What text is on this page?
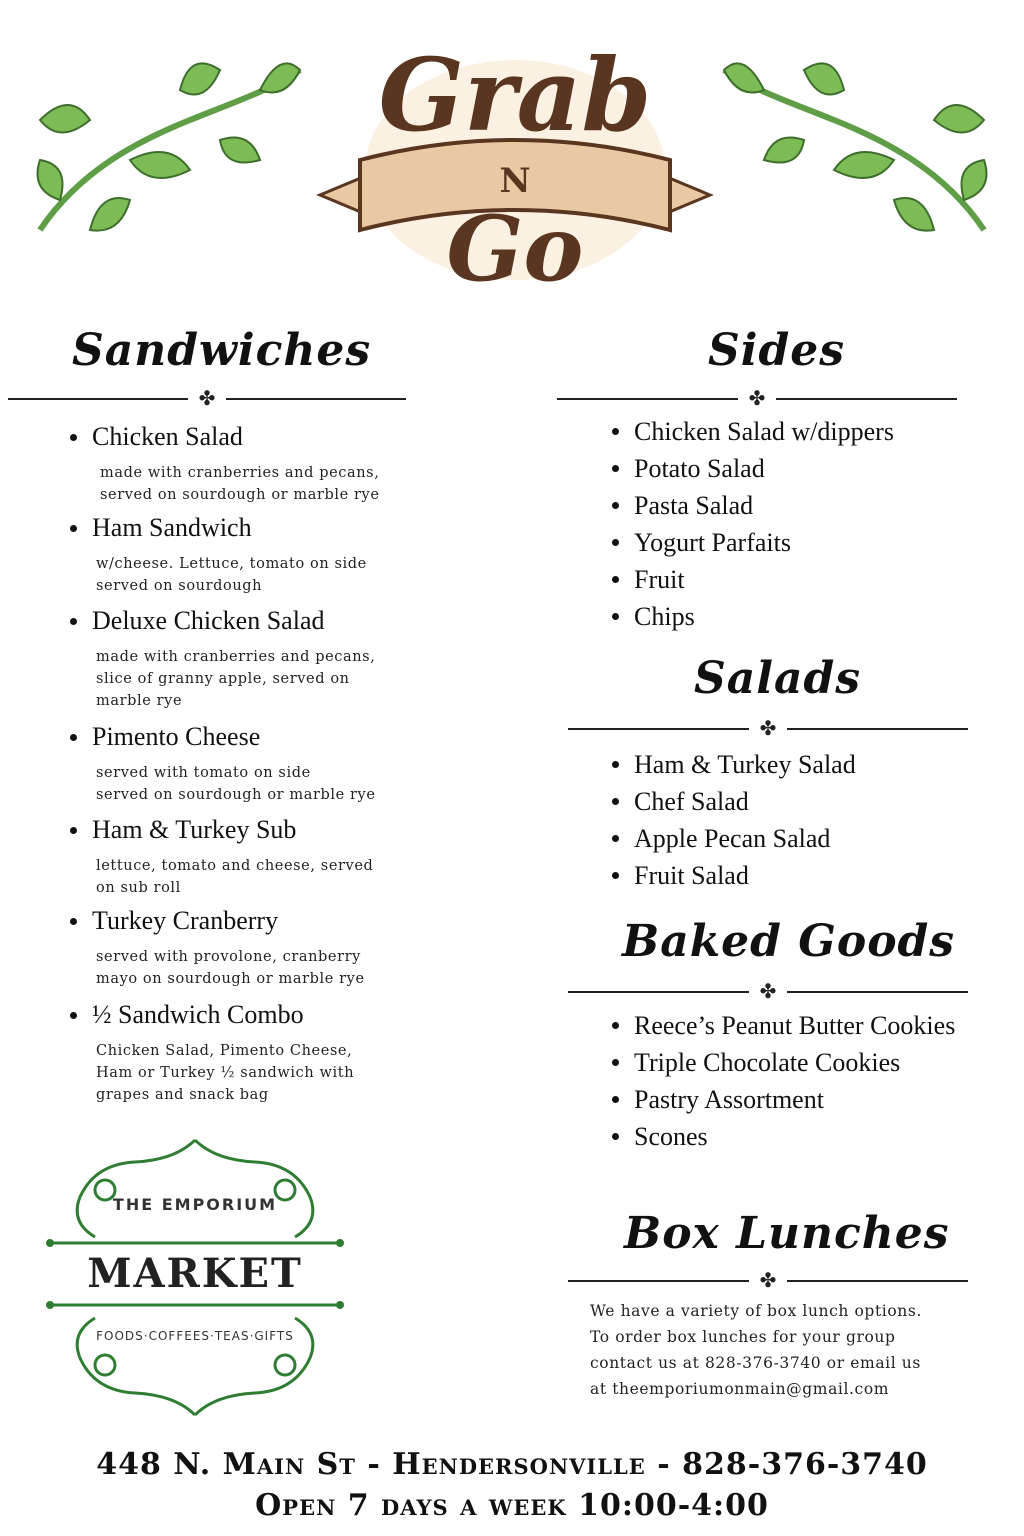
Grab
N
Go
Sandwiches
✤
Chicken Salad
made with cranberries and pecans,
served on sourdough or marble rye
Ham Sandwich
w/cheese. Lettuce, tomato on side
served on sourdough
Deluxe Chicken Salad
made with cranberries and pecans,
slice of granny apple, served on
marble rye
Pimento Cheese
served with tomato on side
served on sourdough or marble rye
Ham & Turkey Sub
lettuce, tomato and cheese, served
on sub roll
Turkey Cranberry
served with provolone, cranberry
mayo on sourdough or marble rye
½ Sandwich Combo
Chicken Salad, Pimento Cheese,
Ham or Turkey ½ sandwich with
grapes and snack bag
Sides
✤
Chicken Salad w/dippers
Potato Salad
Pasta Salad
Yogurt Parfaits
Fruit
Chips
Salads
✤
Ham & Turkey Salad
Chef Salad
Apple Pecan Salad
Fruit Salad
Baked Goods
✤
Reece’s Peanut Butter Cookies
Triple Chocolate Cookies
Pastry Assortment
Scones
Box Lunches
✤
We have a variety of box lunch options.
To order box lunches for your group
contact us at 828-376-3740 or email us
at theemporiumonmain@gmail.com
THE EMPORIUM
MARKET
FOODS·COFFEES·TEAS·GIFTS
448 N. Main St - Hendersonville - 828-376-3740
Open 7 days a week 10:00-4:00
